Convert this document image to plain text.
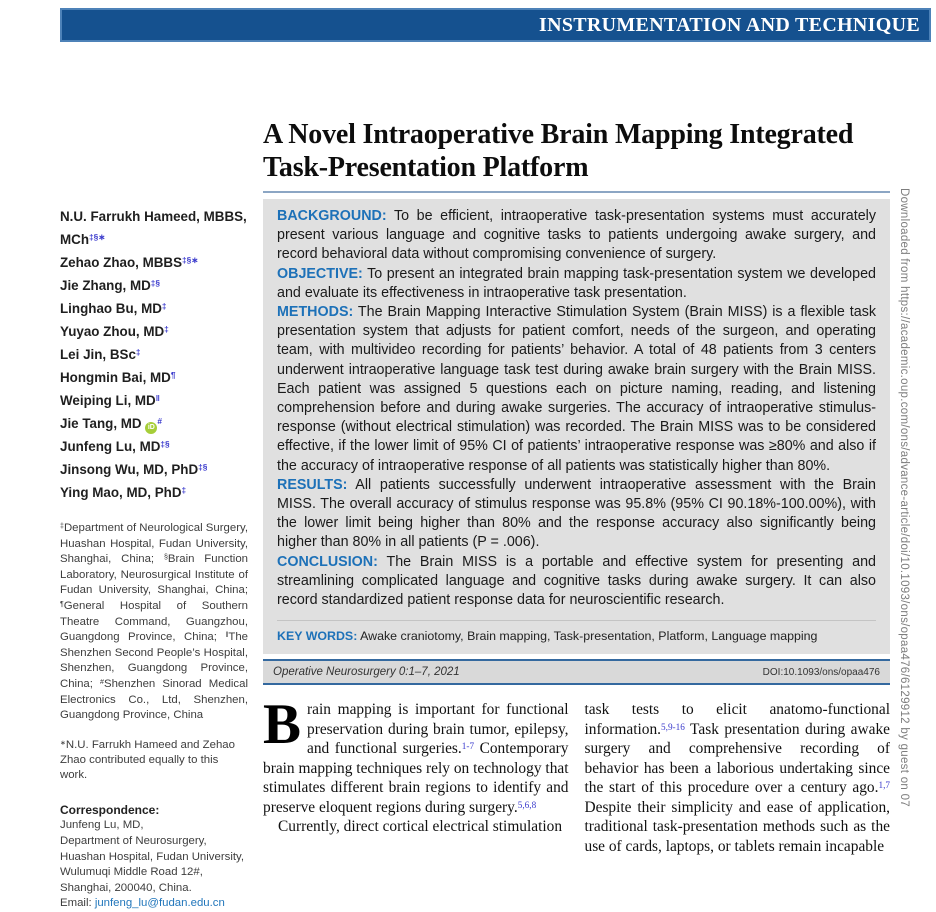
INSTRUMENTATION AND TECHNIQUE
N.U. Farrukh Hameed, MBBS, MCh‡§∗
Zehao Zhao, MBBS‡§∗
Jie Zhang, MD‡§
Linghao Bu, MD‡
Yuyao Zhou, MD‡
Lei Jin, BSc‡
Hongmin Bai, MD¶
Weiping Li, MD‖
Jie Tang, MD iD#
Junfeng Lu, MD‡§
Jinsong Wu, MD, PhD‡§
Ying Mao, MD, PhD‡
‡Department of Neurological Surgery, Huashan Hospital, Fudan University, Shanghai, China; §Brain Function Laboratory, Neurosurgical Institute of Fudan University, Shanghai, China; ¶General Hospital of Southern Theatre Command, Guangzhou, Guangdong Province, China; ‖The Shenzhen Second People’s Hospital, Shenzhen, Guangdong Province, China; #Shenzhen Sinorad Medical Electronics Co., Ltd, Shenzhen, Guangdong Province, China
∗N.U. Farrukh Hameed and Zehao Zhao contributed equally to this work.
Correspondence:
Junfeng Lu, MD,
Department of Neurosurgery,
Huashan Hospital, Fudan University,
Wulumuqi Middle Road 12#,
Shanghai, 200040, China.
Email: junfeng_lu@fudan.edu.cn
A Novel Intraoperative Brain Mapping Integrated Task-Presentation Platform

BACKGROUND: To be efficient, intraoperative task-presentation systems must accurately present various language and cognitive tasks to patients undergoing awake surgery, and record behavioral data without compromising convenience of surgery.

OBJECTIVE: To present an integrated brain mapping task-presentation system we developed and evaluate its effectiveness in intraoperative task presentation.

METHODS: The Brain Mapping Interactive Stimulation System (Brain MISS) is a flexible task presentation system that adjusts for patient comfort, needs of the surgeon, and operating team, with multivideo recording for patients’ behavior. A total of 48 patients from 3 centers underwent intraoperative language task test during awake brain surgery with the Brain MISS. Each patient was assigned 5 questions each on picture naming, reading, and listening comprehension before and during awake surgeries. The accuracy of intraoperative stimulus-response (without electrical stimulation) was recorded. The Brain MISS was to be considered effective, if the lower limit of 95% CI of patients’ intraoperative response was ≥80% and also if the accuracy of intraoperative response of all patients was statistically higher than 80%.

RESULTS: All patients successfully underwent intraoperative assessment with the Brain MISS. The overall accuracy of stimulus response was 95.8% (95% CI 90.18%-100.00%), with the lower limit being higher than 80% and the response accuracy also significantly being higher than 80% in all patients (P = .006).

CONCLUSION: The Brain MISS is a portable and effective system for presenting and streamlining complicated language and cognitive tasks during awake surgery. It can also record standardized patient response data for neuroscientific research.

KEY WORDS: Awake craniotomy, Brain mapping, Task-presentation, Platform, Language mapping
Operative Neurosurgery 0:1–7, 2021	DOI:10.1093/ons/opaa476

Brain mapping is important for functional preservation during brain tumor, epilepsy, and functional surgeries.$^{1-7}$ Contemporary brain mapping techniques rely on technology that stimulates different brain regions to identify and preserve eloquent regions during surgery.$^{5,6,8}$

Currently, direct cortical electrical stimulation

task tests to elicit anatomo-functional information.$^{5,9-16}$ Task presentation during awake surgery and comprehensive recording of behavior has been a laborious undertaking since the start of this procedure over a century ago.$^{1,7}$ Despite their simplicity and ease of application, traditional task-presentation methods such as the use of cards, laptops, or tablets remain incapable

Downloaded from https://academic.oup.com/ons/advance-article/doi/10.1093/ons/opaa476/6129912 by guest on 07
